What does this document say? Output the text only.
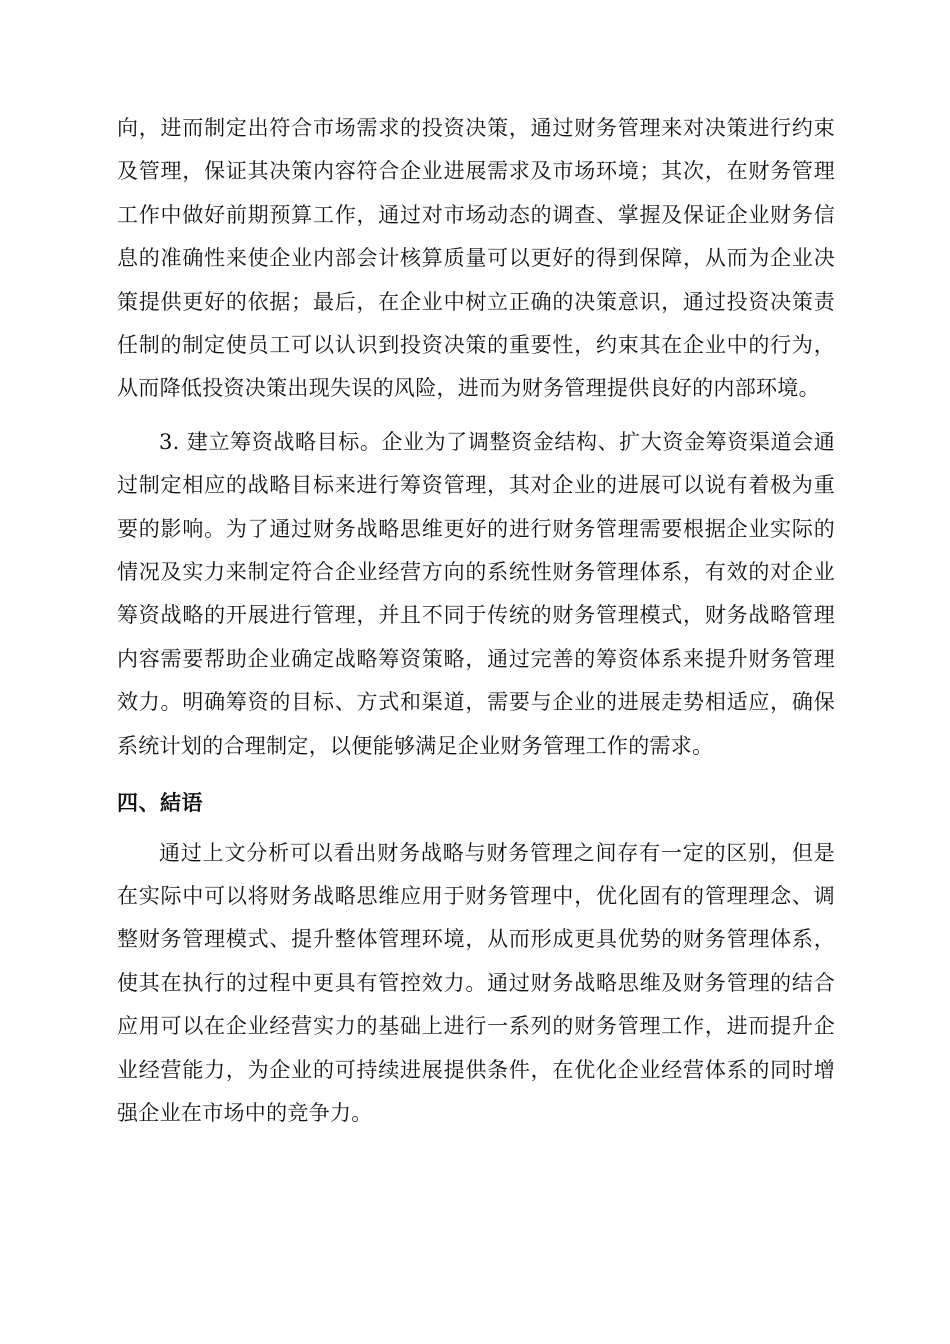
向，进而制定出符合市场需求的投资决策，通过财务管理来对决策进行约束及管理，保证其决策内容符合企业进展需求及市场环境；其次，在财务管理工作中做好前期预算工作，通过对市场动态的调查、掌握及保证企业财务信息的准确性来使企业内部会计核算质量可以更好的得到保障，从而为企业决策提供更好的依据；最后，在企业中树立正确的决策意识，通过投资决策责任制的制定使员工可以认识到投资决策的重要性，约束其在企业中的行为，从而降低投资决策出现失误的风险，进而为财务管理提供良好的内部环境。

3. 建立筹资战略目标。企业为了调整资金结构、扩大资金筹资渠道会通过制定相应的战略目标来进行筹资管理，其对企业的进展可以说有着极为重要的影响。为了通过财务战略思维更好的进行财务管理需要根据企业实际的情况及实力来制定符合企业经营方向的系统性财务管理体系，有效的对企业筹资战略的开展进行管理，并且不同于传统的财务管理模式，财务战略管理内容需要帮助企业确定战略筹资策略，通过完善的筹资体系来提升财务管理效力。明确筹资的目标、方式和渠道，需要与企业的进展走势相适应，确保系统计划的合理制定，以便能够满足企业财务管理工作的需求。

四、結语

通过上文分析可以看出财务战略与财务管理之间存有一定的区别，但是在实际中可以将财务战略思维应用于财务管理中，优化固有的管理理念、调整财务管理模式、提升整体管理环境，从而形成更具优势的财务管理体系，使其在执行的过程中更具有管控效力。通过财务战略思维及财务管理的结合应用可以在企业经营实力的基础上进行一系列的财务管理工作，进而提升企业经营能力，为企业的可持续进展提供条件，在优化企业经营体系的同时增强企业在市场中的竞争力。
